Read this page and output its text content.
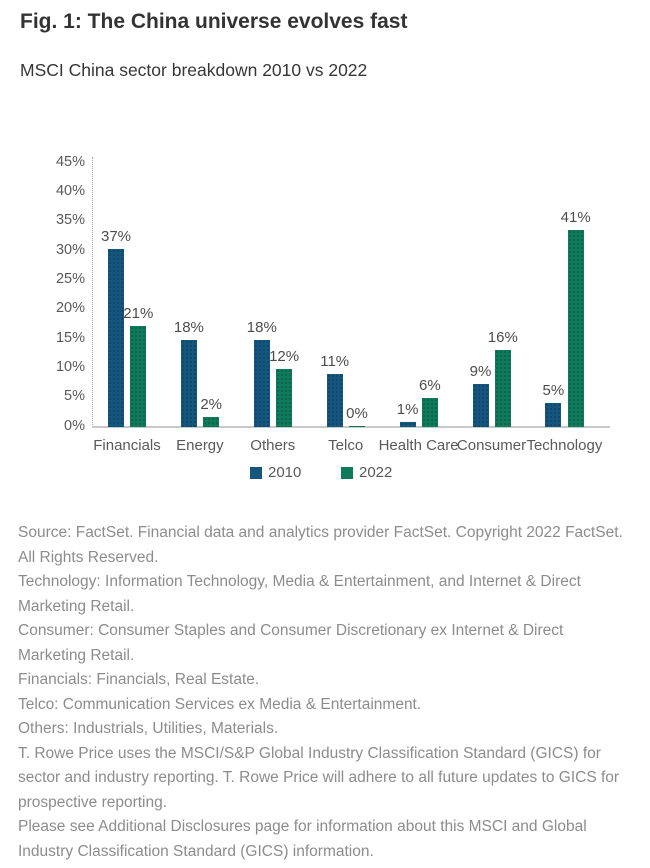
Fig. 1: The China universe evolves fast
MSCI China sector breakdown 2010 vs 2022
0%
5%
10%
15%
20%
25%
30%
35%
40%
45%
37%
21%
18%
2%
18%
12%	11%
0%	1%
6%
9%
16%
5%
41%
Financials	Energy	Others	Telco	Health Care
Consumer Technology
2010	2022
Source: FactSet. Financial data and analytics provider FactSet. Copyright 2022 FactSet.
All Rights Reserved.
Technology: Information Technology, Media & Entertainment, and Internet & Direct
Marketing Retail.
Consumer: Consumer Staples and Consumer Discretionary ex Internet & Direct
Marketing Retail.
Financials: Financials, Real Estate.
Telco: Communication Services ex Media & Entertainment.
Others: Industrials, Utilities, Materials.
T. Rowe Price uses the MSCI/S&P Global Industry Classification Standard (GICS) for
sector and industry reporting. T. Rowe Price will adhere to all future updates to GICS for
prospective reporting.
Please see Additional Disclosures page for information about this MSCI and Global
Industry Classification Standard (GICS) information.
